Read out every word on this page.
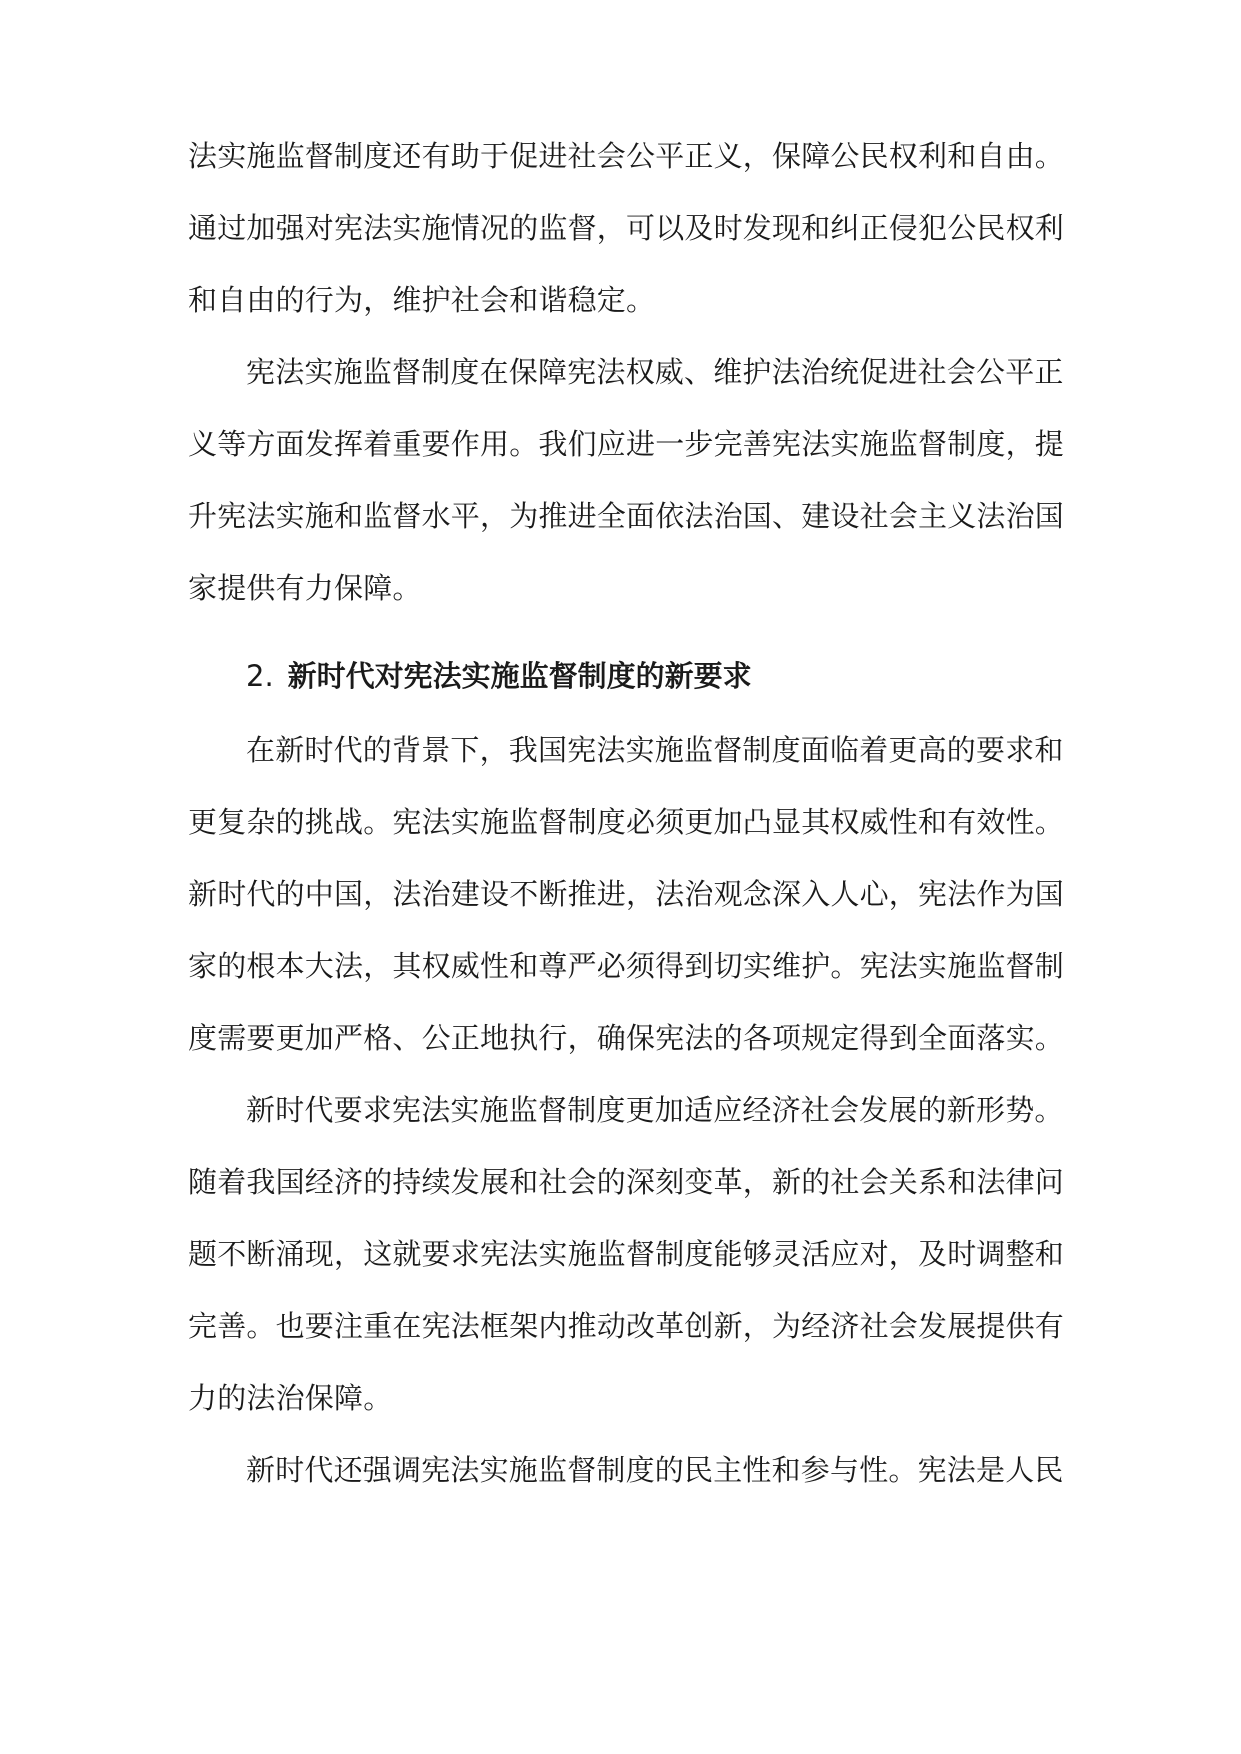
法实施监督制度还有助于促进社会公平正义，保障公民权利和自由。
通过加强对宪法实施情况的监督，可以及时发现和纠正侵犯公民权利
和自由的行为，维护社会和谐稳定。
宪法实施监督制度在保障宪法权威、维护法治统促进社会公平正
义等方面发挥着重要作用。我们应进一步完善宪法实施监督制度，提
升宪法实施和监督水平，为推进全面依法治国、建设社会主义法治国
家提供有力保障。
2. 新时代对宪法实施监督制度的新要求
在新时代的背景下，我国宪法实施监督制度面临着更高的要求和
更复杂的挑战。宪法实施监督制度必须更加凸显其权威性和有效性。
新时代的中国，法治建设不断推进，法治观念深入人心，宪法作为国
家的根本大法，其权威性和尊严必须得到切实维护。宪法实施监督制
度需要更加严格、公正地执行，确保宪法的各项规定得到全面落实。
新时代要求宪法实施监督制度更加适应经济社会发展的新形势。
随着我国经济的持续发展和社会的深刻变革，新的社会关系和法律问
题不断涌现，这就要求宪法实施监督制度能够灵活应对，及时调整和
完善。也要注重在宪法框架内推动改革创新，为经济社会发展提供有
力的法治保障。
新时代还强调宪法实施监督制度的民主性和参与性。宪法是人民
